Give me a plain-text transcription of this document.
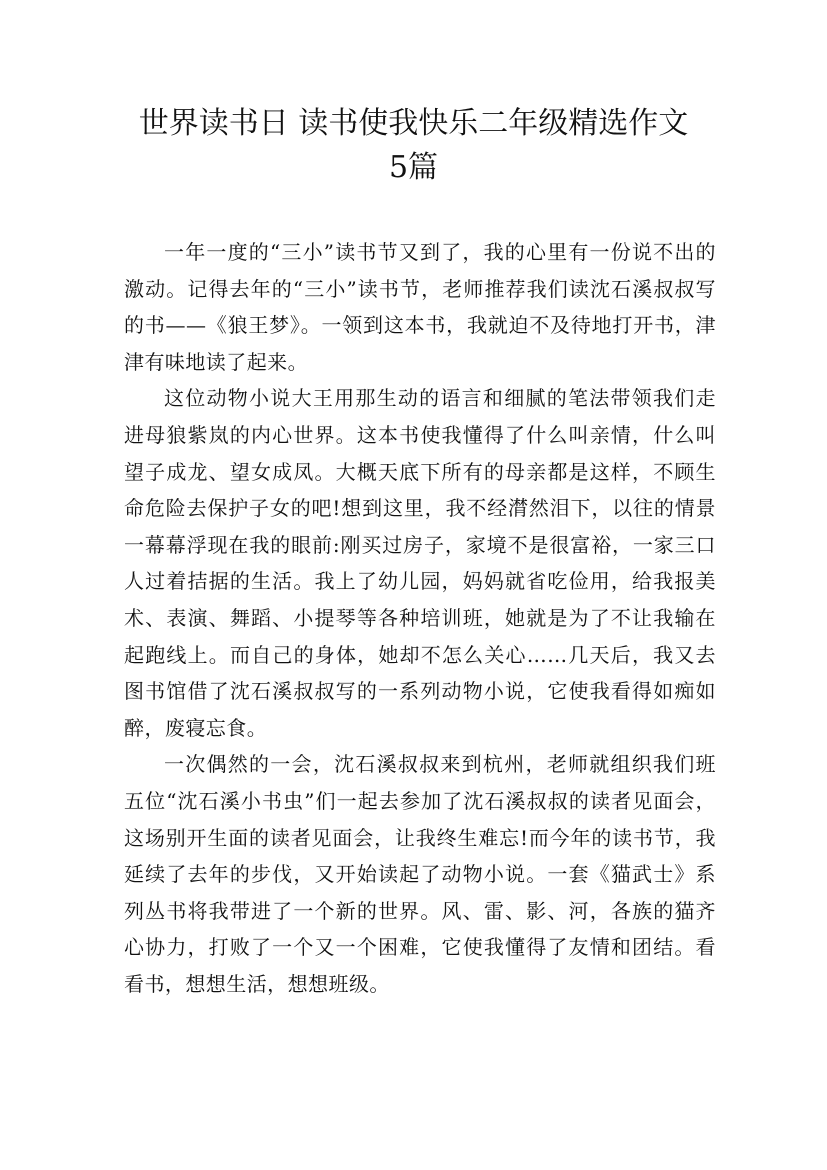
世界读书日 读书使我快乐二年级精选作文
5篇

一年一度的“三小”读书节又到了，我的心里有一份说不出的激动。记得去年的“三小”读书节，老师推荐我们读沈石溪叔叔写的书——《狼王梦》。一领到这本书，我就迫不及待地打开书，津津有味地读了起来。

这位动物小说大王用那生动的语言和细腻的笔法带领我们走进母狼紫岚的内心世界。这本书使我懂得了什么叫亲情，什么叫望子成龙、望女成凤。大概天底下所有的母亲都是这样，不顾生命危险去保护子女的吧!想到这里，我不经潸然泪下，以往的情景一幕幕浮现在我的眼前:刚买过房子，家境不是很富裕，一家三口人过着拮据的生活。我上了幼儿园，妈妈就省吃俭用，给我报美术、表演、舞蹈、小提琴等各种培训班，她就是为了不让我输在起跑线上。而自己的身体，她却不怎么关心……几天后，我又去图书馆借了沈石溪叔叔写的一系列动物小说，它使我看得如痴如醉，废寝忘食。

一次偶然的一会，沈石溪叔叔来到杭州，老师就组织我们班五位“沈石溪小书虫”们一起去参加了沈石溪叔叔的读者见面会，这场别开生面的读者见面会，让我终生难忘!而今年的读书节，我延续了去年的步伐，又开始读起了动物小说。一套《猫武士》系列丛书将我带进了一个新的世界。风、雷、影、河，各族的猫齐心协力，打败了一个又一个困难，它使我懂得了友情和团结。看看书，想想生活，想想班级。
